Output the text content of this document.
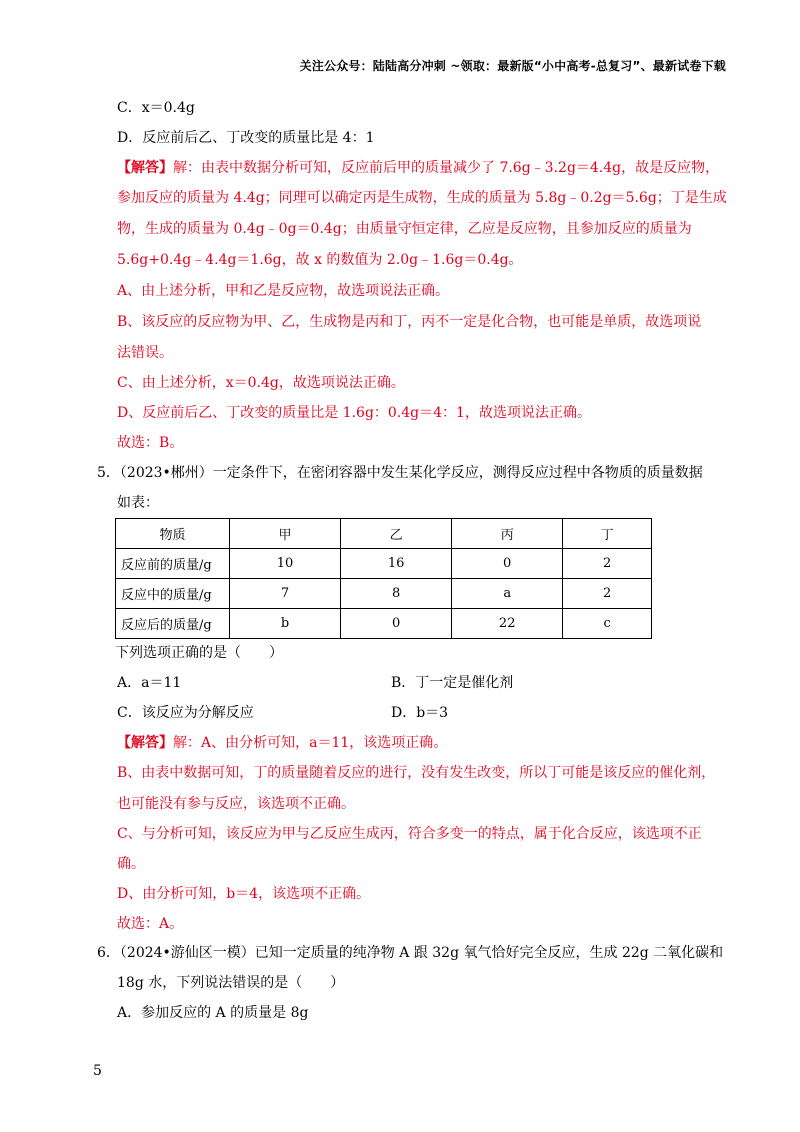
关注公众号：陆陆高分冲刺 ~领取：最新版“小中高考-总复习”、最新试卷下载
C．x＝0.4g
D．反应前后乙、丁改变的质量比是 4：1
【解答】解：由表中数据分析可知，反应前后甲的质量减少了 7.6g﹣3.2g＝4.4g，故是反应物，
参加反应的质量为 4.4g；同理可以确定丙是生成物，生成的质量为 5.8g﹣0.2g＝5.6g；丁是生成
物，生成的质量为 0.4g﹣0g＝0.4g；由质量守恒定律，乙应是反应物，且参加反应的质量为
5.6g+0.4g﹣4.4g＝1.6g，故 x 的数值为 2.0g﹣1.6g＝0.4g。
A、由上述分析，甲和乙是反应物，故选项说法正确。
B、该反应的反应物为甲、乙，生成物是丙和丁，丙不一定是化合物，也可能是单质，故选项说
法错误。
C、由上述分析，x＝0.4g，故选项说法正确。
D、反应前后乙、丁改变的质量比是 1.6g：0.4g＝4：1，故选项说法正确。
故选：B。
5．（2023•郴州）一定条件下，在密闭容器中发生某化学反应，测得反应过程中各物质的质量数据
如表：
物质	甲	乙	丙	丁
反应前的质量/g	10	16	0	2
反应中的质量/g	7	8	a	2
反应后的质量/g	b	0	22	c
下列选项正确的是（　　）
A．a＝11	B．丁一定是催化剂
C．该反应为分解反应	D．b＝3
【解答】解：A、由分析可知，a＝11，该选项正确。
B、由表中数据可知，丁的质量随着反应的进行，没有发生改变，所以丁可能是该反应的催化剂，
也可能没有参与反应，该选项不正确。
C、与分析可知，该反应为甲与乙反应生成丙，符合多变一的特点，属于化合反应，该选项不正
确。
D、由分析可知，b＝4，该选项不正确。
故选：A。
6．（2024•游仙区一模）已知一定质量的纯净物 A 跟 32g 氧气恰好完全反应，生成 22g 二氧化碳和
18g 水，下列说法错误的是（　　）
A．参加反应的 A 的质量是 8g
5
